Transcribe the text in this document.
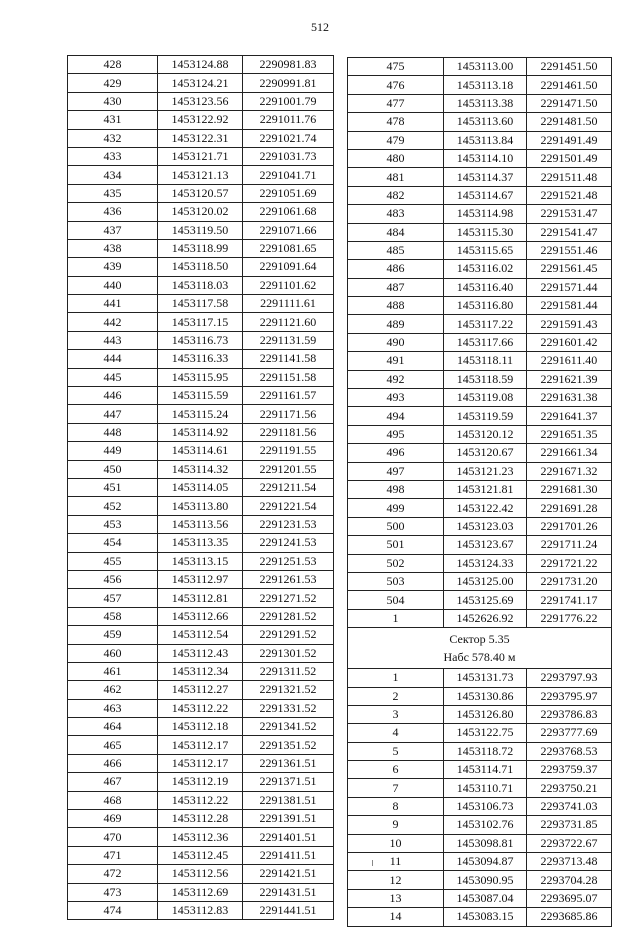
512
428	1453124.88	2290981.83
429	1453124.21	2290991.81
430	1453123.56	2291001.79
431	1453122.92	2291011.76
432	1453122.31	2291021.74
433	1453121.71	2291031.73
434	1453121.13	2291041.71
435	1453120.57	2291051.69
436	1453120.02	2291061.68
437	1453119.50	2291071.66
438	1453118.99	2291081.65
439	1453118.50	2291091.64
440	1453118.03	2291101.62
441	1453117.58	2291111.61
442	1453117.15	2291121.60
443	1453116.73	2291131.59
444	1453116.33	2291141.58
445	1453115.95	2291151.58
446	1453115.59	2291161.57
447	1453115.24	2291171.56
448	1453114.92	2291181.56
449	1453114.61	2291191.55
450	1453114.32	2291201.55
451	1453114.05	2291211.54
452	1453113.80	2291221.54
453	1453113.56	2291231.53
454	1453113.35	2291241.53
455	1453113.15	2291251.53
456	1453112.97	2291261.53
457	1453112.81	2291271.52
458	1453112.66	2291281.52
459	1453112.54	2291291.52
460	1453112.43	2291301.52
461	1453112.34	2291311.52
462	1453112.27	2291321.52
463	1453112.22	2291331.52
464	1453112.18	2291341.52
465	1453112.17	2291351.52
466	1453112.17	2291361.51
467	1453112.19	2291371.51
468	1453112.22	2291381.51
469	1453112.28	2291391.51
470	1453112.36	2291401.51
471	1453112.45	2291411.51
472	1453112.56	2291421.51
473	1453112.69	2291431.51
474	1453112.83	2291441.51
475	1453113.00	2291451.50
476	1453113.18	2291461.50
477	1453113.38	2291471.50
478	1453113.60	2291481.50
479	1453113.84	2291491.49
480	1453114.10	2291501.49
481	1453114.37	2291511.48
482	1453114.67	2291521.48
483	1453114.98	2291531.47
484	1453115.30	2291541.47
485	1453115.65	2291551.46
486	1453116.02	2291561.45
487	1453116.40	2291571.44
488	1453116.80	2291581.44
489	1453117.22	2291591.43
490	1453117.66	2291601.42
491	1453118.11	2291611.40
492	1453118.59	2291621.39
493	1453119.08	2291631.38
494	1453119.59	2291641.37
495	1453120.12	2291651.35
496	1453120.67	2291661.34
497	1453121.23	2291671.32
498	1453121.81	2291681.30
499	1453122.42	2291691.28
500	1453123.03	2291701.26
501	1453123.67	2291711.24
502	1453124.33	2291721.22
503	1453125.00	2291731.20
504	1453125.69	2291741.17
1	1452626.92	2291776.22

Сектор 5.35
Набс 578.40 м		

1	1453131.73	2293797.93
2	1453130.86	2293795.97
3	1453126.80	2293786.83
4	1453122.75	2293777.69
5	1453118.72	2293768.53
6	1453114.71	2293759.37
7	1453110.71	2293750.21
8	1453106.73	2293741.03
9	1453102.76	2293731.85
10	1453098.81	2293722.67
11	1453094.87	2293713.48
12	1453090.95	2293704.28
13	1453087.04	2293695.07
14	1453083.15	2293685.86
